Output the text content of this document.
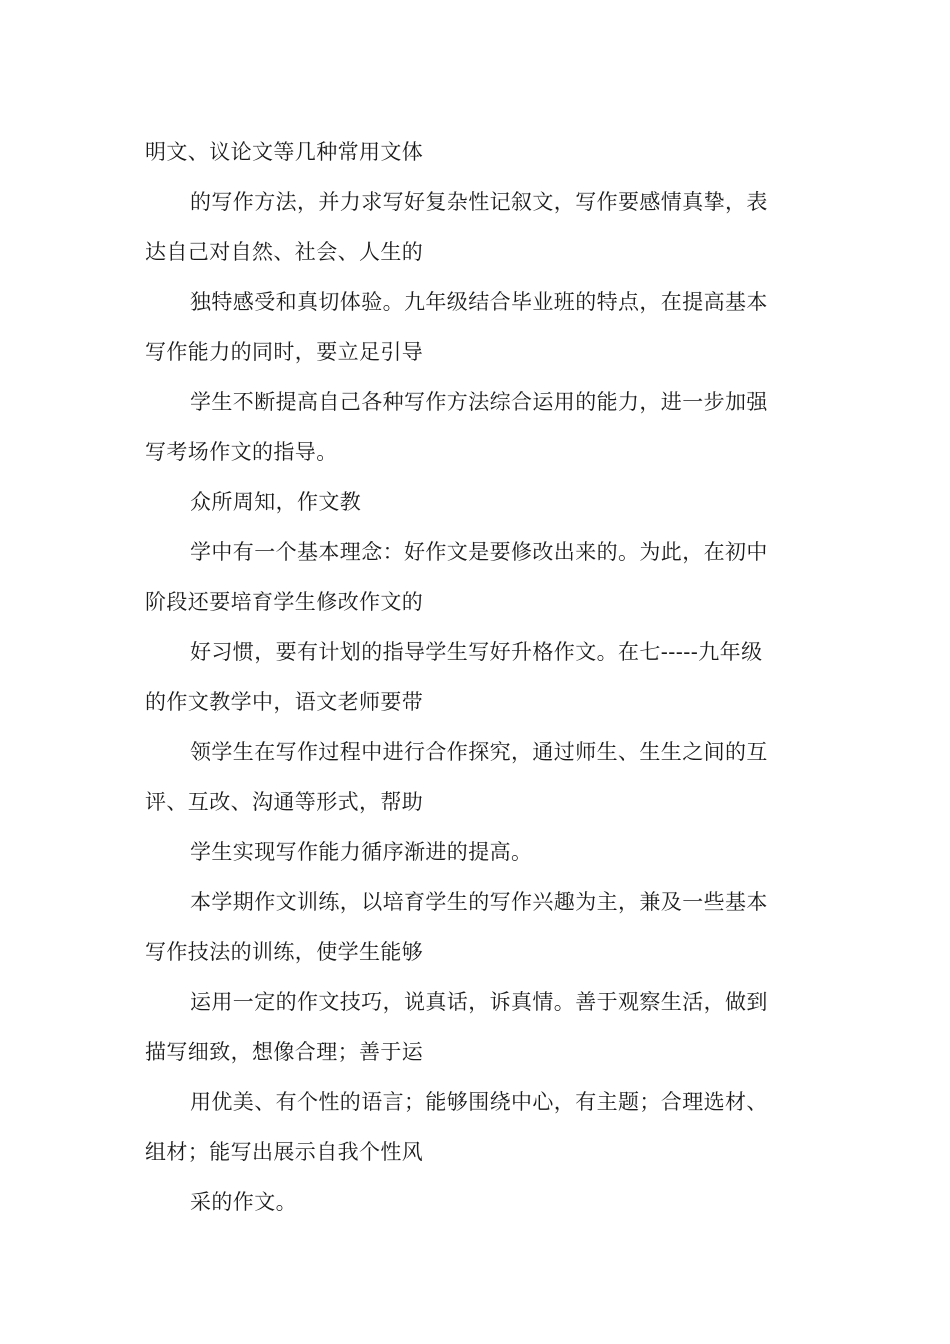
明文、议论文等几种常用文体
的写作方法，并力求写好复杂性记叙文，写作要感情真挚，表
达自己对自然、社会、人生的
独特感受和真切体验。九年级结合毕业班的特点，在提高基本
写作能力的同时，要立足引导
学生不断提高自己各种写作方法综合运用的能力，进一步加强
写考场作文的指导。
众所周知，作文教
学中有一个基本理念：好作文是要修改出来的。为此，在初中
阶段还要培育学生修改作文的
好习惯，要有计划的指导学生写好升格作文。在七-----九年级
的作文教学中，语文老师要带
领学生在写作过程中进行合作探究，通过师生、生生之间的互
评、互改、沟通等形式，帮助
学生实现写作能力循序渐进的提高。
本学期作文训练，以培育学生的写作兴趣为主，兼及一些基本
写作技法的训练，使学生能够
运用一定的作文技巧，说真话，诉真情。善于观察生活，做到
描写细致，想像合理；善于运
用优美、有个性的语言；能够围绕中心，有主题；合理选材、
组材；能写出展示自我个性风
采的作文。
